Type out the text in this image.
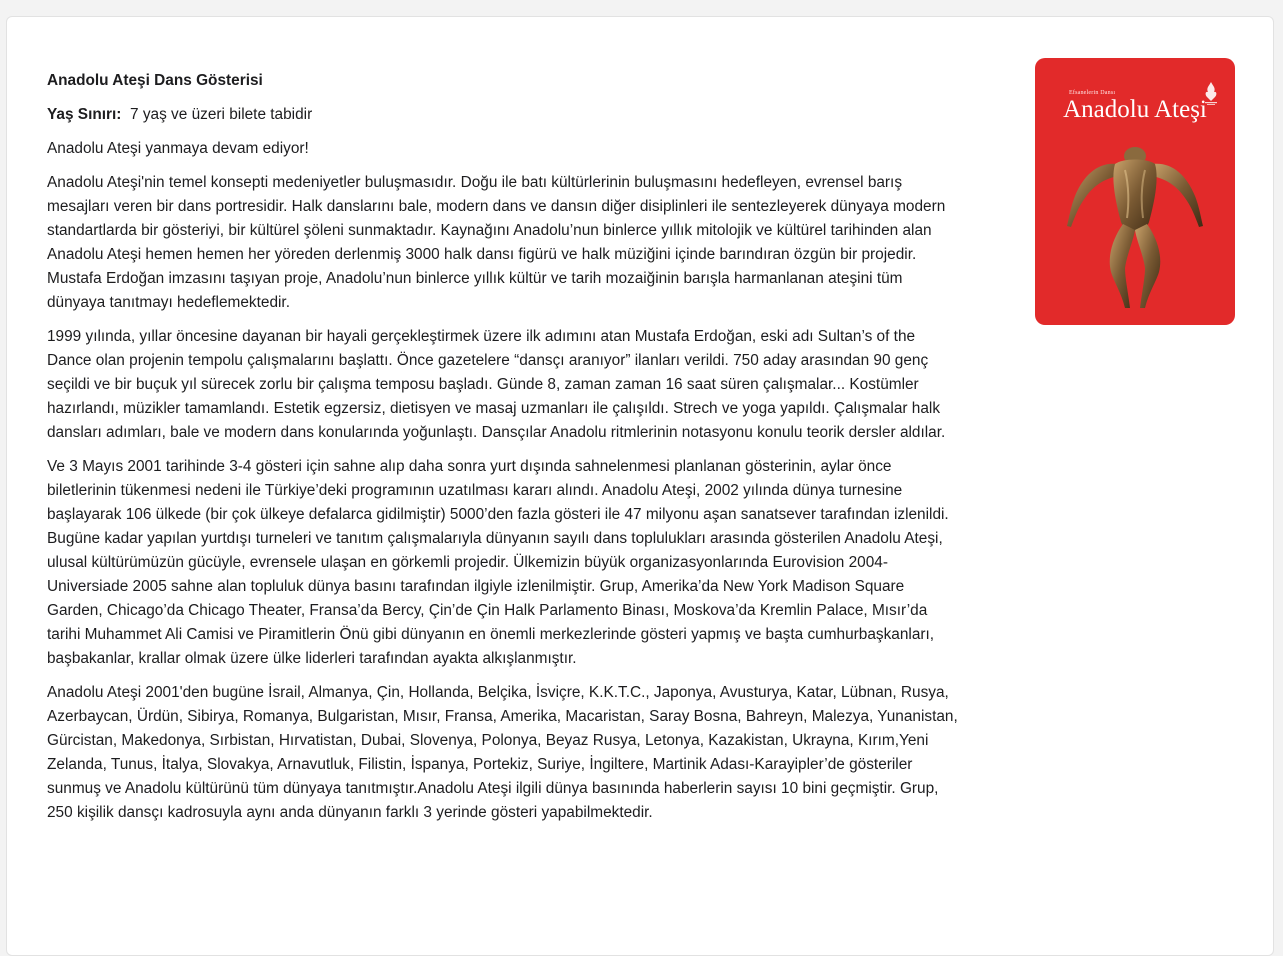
Anadolu Ateşi Dans Gösterisi

Yaş Sınırı: 7 yaş ve üzeri bilete tabidir

Anadolu Ateşi yanmaya devam ediyor!

Anadolu Ateşi'nin temel konsepti medeniyetler buluşmasıdır. Doğu ile batı kültürlerinin buluşmasını hedefleyen, evrensel barış mesajları veren bir dans portresidir. Halk danslarını bale, modern dans ve dansın diğer disiplinleri ile sentezleyerek dünyaya modern standartlarda bir gösteriyi, bir kültürel şöleni sunmaktadır. Kaynağını Anadolu’nun binlerce yıllık mitolojik ve kültürel tarihinden alan Anadolu Ateşi hemen hemen her yöreden derlenmiş 3000 halk dansı figürü ve halk müziğini içinde barındıran özgün bir projedir. Mustafa Erdoğan imzasını taşıyan proje, Anadolu’nun binlerce yıllık kültür ve tarih mozaiğinin barışla harmanlanan ateşini tüm dünyaya tanıtmayı hedeflemektedir.

1999 yılında, yıllar öncesine dayanan bir hayali gerçekleştirmek üzere ilk adımını atan Mustafa Erdoğan, eski adı Sultan’s of the Dance olan projenin tempolu çalışmalarını başlattı. Önce gazetelere “dansçı aranıyor” ilanları verildi. 750 aday arasından 90 genç seçildi ve bir buçuk yıl sürecek zorlu bir çalışma temposu başladı. Günde 8, zaman zaman 16 saat süren çalışmalar... Kostümler hazırlandı, müzikler tamamlandı. Estetik egzersiz, dietisyen ve masaj uzmanları ile çalışıldı. Strech ve yoga yapıldı. Çalışmalar halk dansları adımları, bale ve modern dans konularında yoğunlaştı. Dansçılar Anadolu ritmlerinin notasyonu konulu teorik dersler aldılar.

Ve 3 Mayıs 2001 tarihinde 3-4 gösteri için sahne alıp daha sonra yurt dışında sahnelenmesi planlanan gösterinin, aylar önce biletlerinin tükenmesi nedeni ile Türkiye’deki programının uzatılması kararı alındı. Anadolu Ateşi, 2002 yılında dünya turnesine başlayarak 106 ülkede (bir çok ülkeye defalarca gidilmiştir) 5000’den fazla gösteri ile 47 milyonu aşan sanatsever tarafından izlenildi. Bugüne kadar yapılan yurtdışı turneleri ve tanıtım çalışmalarıyla dünyanın sayılı dans toplulukları arasında gösterilen Anadolu Ateşi, ulusal kültürümüzün gücüyle, evrensele ulaşan en görkemli projedir. Ülkemizin büyük organizasyonlarında Eurovision 2004-Universiade 2005 sahne alan topluluk dünya basını tarafından ilgiyle izlenilmiştir. Grup, Amerika’da New York Madison Square Garden, Chicago’da Chicago Theater, Fransa’da Bercy, Çin’de Çin Halk Parlamento Binası, Moskova’da Kremlin Palace, Mısır’da tarihi Muhammet Ali Camisi ve Piramitlerin Önü gibi dünyanın en önemli merkezlerinde gösteri yapmış ve başta cumhurbaşkanları, başbakanlar, krallar olmak üzere ülke liderleri tarafından ayakta alkışlanmıştır.

Anadolu Ateşi 2001'den bugüne İsrail, Almanya, Çin, Hollanda, Belçika, İsviçre, K.K.T.C., Japonya, Avusturya, Katar, Lübnan, Rusya, Azerbaycan, Ürdün, Sibirya, Romanya, Bulgaristan, Mısır, Fransa, Amerika, Macaristan, Saray Bosna, Bahreyn, Malezya, Yunanistan, Gürcistan, Makedonya, Sırbistan, Hırvatistan, Dubai, Slovenya, Polonya, Beyaz Rusya, Letonya, Kazakistan, Ukrayna, Kırım,Yeni Zelanda, Tunus, İtalya, Slovakya, Arnavutluk, Filistin, İspanya, Portekiz, Suriye, İngiltere, Martinik Adası-Karayipler’de gösteriler sunmuş ve Anadolu kültürünü tüm dünyaya tanıtmıştır.Anadolu Ateşi ilgili dünya basınında haberlerin sayısı 10 bini geçmiştir. Grup, 250 kişilik dansçı kadrosuyla aynı anda dünyanın farklı 3 yerinde gösteri yapabilmektedir.

Efsanelerin Dansı
Anadolu Ateşi
